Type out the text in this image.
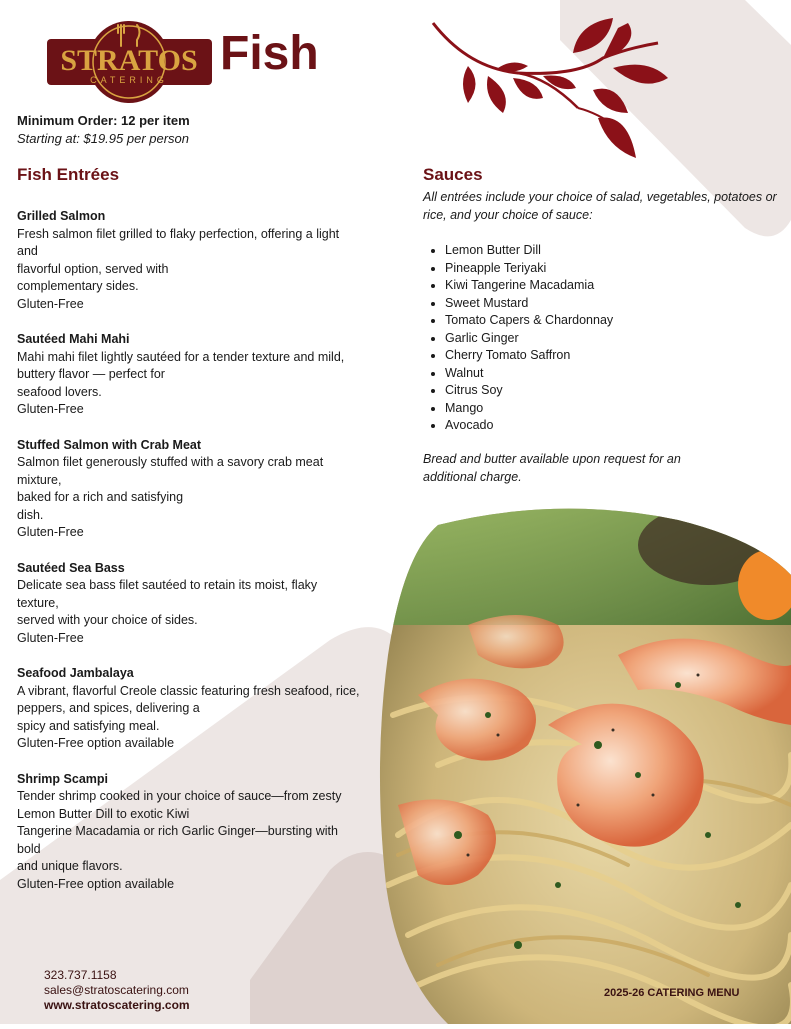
STRATOS
CATERING Fish
Minimum Order: 12 per item
Starting at: $19.95 per person
Fish Entrées
Grilled Salmon
Fresh salmon filet grilled to flaky perfection, offering a light and
flavorful option, served with
complementary sides.
Gluten-Free
Sautéed Mahi Mahi
Mahi mahi filet lightly sautéed for a tender texture and mild,
buttery flavor — perfect for
seafood lovers.
Gluten-Free
Stuffed Salmon with Crab Meat
Salmon filet generously stuffed with a savory crab meat mixture,
baked for a rich and satisfying
dish.
Gluten-Free
Sautéed Sea Bass
Delicate sea bass filet sautéed to retain its moist, flaky texture,
served with your choice of sides.
Gluten-Free
Seafood Jambalaya
A vibrant, flavorful Creole classic featuring fresh seafood, rice,
peppers, and spices, delivering a
spicy and satisfying meal.
Gluten-Free option available
Shrimp Scampi
Tender shrimp cooked in your choice of sauce—from zesty
Lemon Butter Dill to exotic Kiwi
Tangerine Macadamia or rich Garlic Ginger—bursting with bold
and unique flavors.
Gluten-Free option available
Sauces
All entrées include your choice of salad, vegetables, potatoes or rice, and your choice of sauce:
• Lemon Butter Dill
• Pineapple Teriyaki
• Kiwi Tangerine Macadamia
• Sweet Mustard
• Tomato Capers & Chardonnay
• Garlic Ginger
• Cherry Tomato Saffron
• Walnut
• Citrus Soy
• Mango
• Avocado
Bread and butter available upon request for an additional charge.
323.737.1158
sales@stratoscatering.com
www.stratoscatering.com
2025-26 CATERING MENU
